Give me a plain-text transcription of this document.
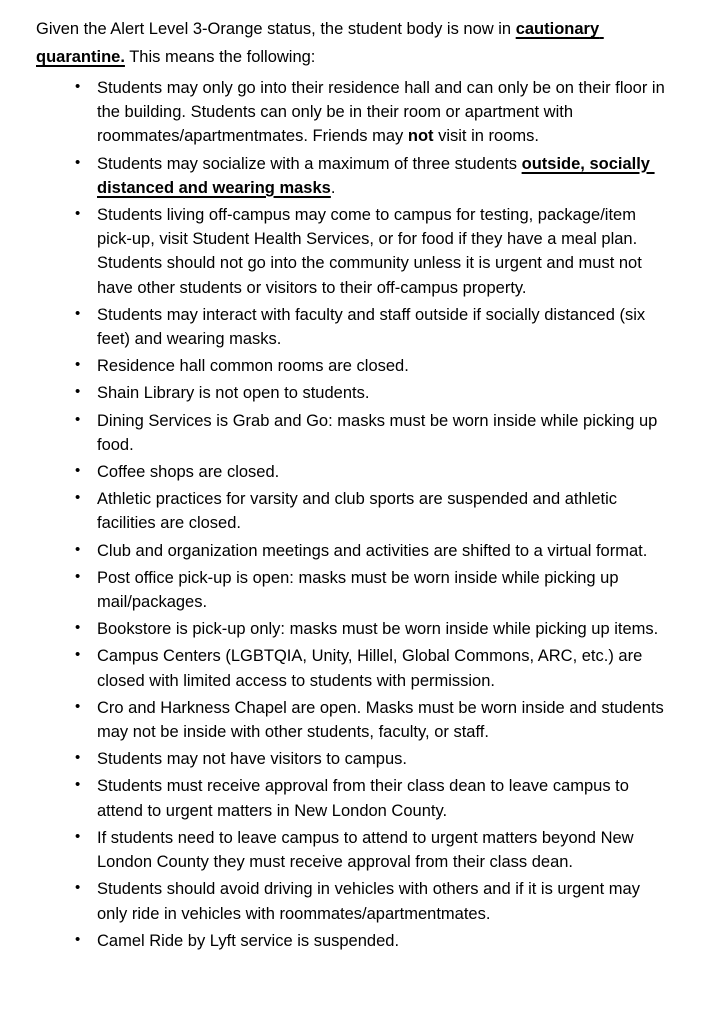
Given the Alert Level 3-Orange status, the student body is now in cautionary quarantine. This means the following:

• Students may only go into their residence hall and can only be on their floor in the building. Students can only be in their room or apartment with roommates/apartmentmates. Friends may not visit in rooms.
• Students may socialize with a maximum of three students outside, socially distanced and wearing masks.
• Students living off-campus may come to campus for testing, package/item pick-up, visit Student Health Services, or for food if they have a meal plan. Students should not go into the community unless it is urgent and must not have other students or visitors to their off-campus property.
• Students may interact with faculty and staff outside if socially distanced (six feet) and wearing masks.
• Residence hall common rooms are closed.
• Shain Library is not open to students.
• Dining Services is Grab and Go: masks must be worn inside while picking up food.
• Coffee shops are closed.
• Athletic practices for varsity and club sports are suspended and athletic facilities are closed.
• Club and organization meetings and activities are shifted to a virtual format.
• Post office pick-up is open: masks must be worn inside while picking up mail/packages.
• Bookstore is pick-up only: masks must be worn inside while picking up items.
• Campus Centers (LGBTQIA, Unity, Hillel, Global Commons, ARC, etc.) are closed with limited access to students with permission.
• Cro and Harkness Chapel are open. Masks must be worn inside and students may not be inside with other students, faculty, or staff.
• Students may not have visitors to campus.
• Students must receive approval from their class dean to leave campus to attend to urgent matters in New London County.
• If students need to leave campus to attend to urgent matters beyond New London County they must receive approval from their class dean.
• Students should avoid driving in vehicles with others and if it is urgent may only ride in vehicles with roommates/apartmentmates.
• Camel Ride by Lyft service is suspended.
